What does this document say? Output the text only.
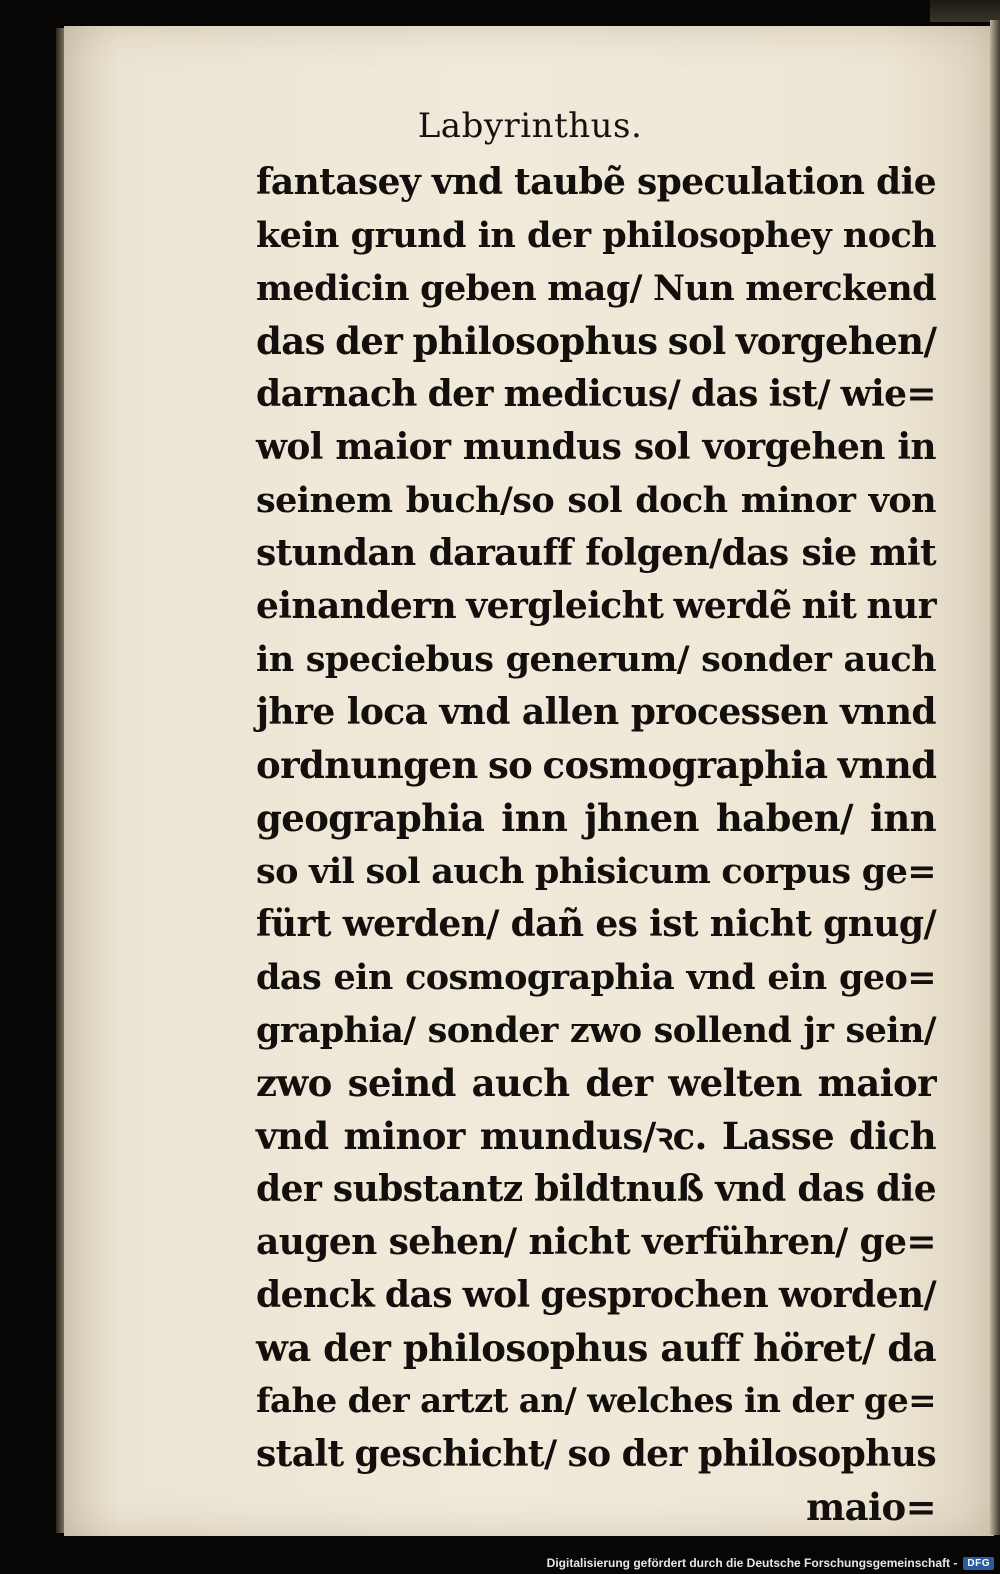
Labyrinthus.
fantasey vnd taubẽ speculation die
kein grund in der philosophey noch
medicin geben mag/ Nun merckend
das der philosophus sol vorgehen/
darnach der medicus/ das ist/ wie=
wol maior mundus sol vorgehen in
seinem buch/so sol doch minor von
stundan darauff folgen/das sie mit
einandern vergleicht werdẽ nit nur
in speciebus generum/ sonder auch
jhre loca vnd allen processen vnnd
ordnungen so cosmographia vnnd
geographia inn jhnen haben/ inn
so vil sol auch phisicum corpus ge=
fürt werden/ dañ es ist nicht gnug/
das ein cosmographia vnd ein geo=
graphia/ sonder zwo sollend jr sein/
zwo seind auch der welten maior
vnd minor mundus/ꝛc. Lasse dich
der substantz bildtnuß vnd das die
augen sehen/ nicht verführen/ ge=
denck das wol gesprochen worden/
wa der philosophus auff höret/ da
fahe der artzt an/ welches in der ge=
stalt geschicht/ so der philosophus
maio=
Digitalisierung gefördert durch die Deutsche Forschungsgemeinschaft -	DFG
